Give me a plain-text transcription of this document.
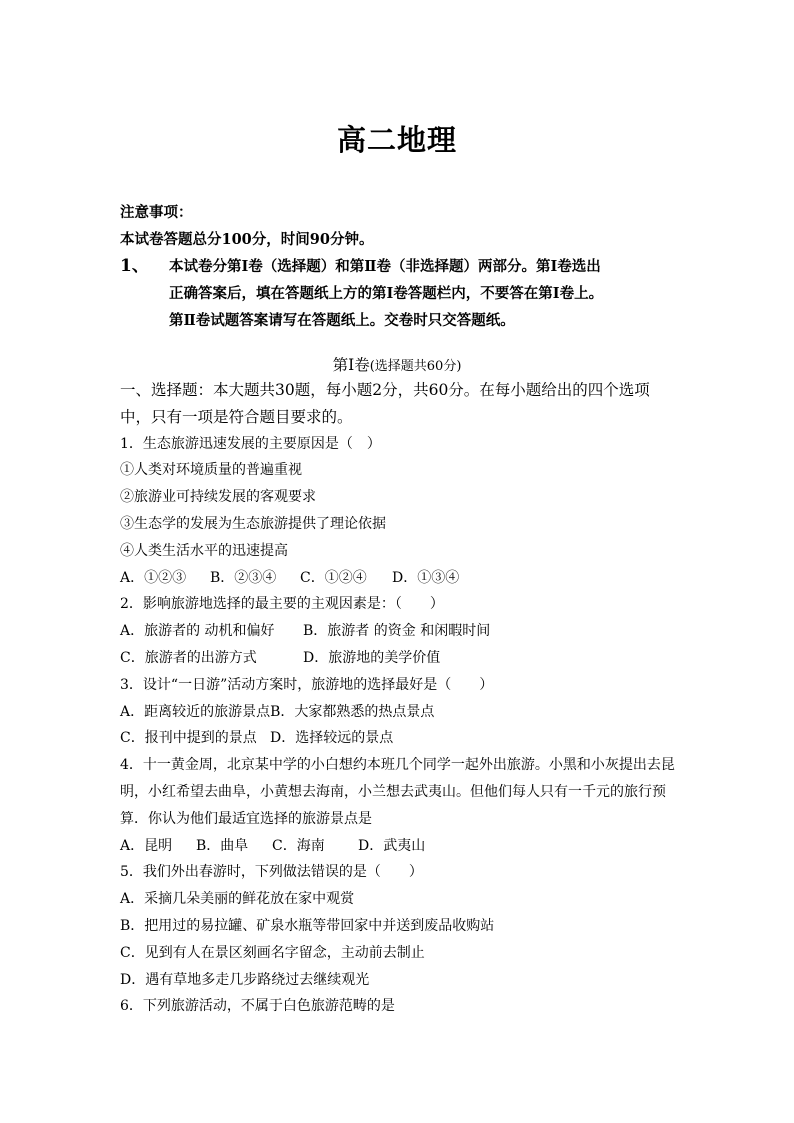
高二地理
注意事项：
本试卷答题总分100分，时间90分钟。
1、 本试卷分第Ⅰ卷（选择题）和第Ⅱ卷（非选择题）两部分。第Ⅰ卷选出
正确答案后，填在答题纸上方的第Ⅰ卷答题栏内，不要答在第Ⅰ卷上。
第Ⅱ卷试题答案请写在答题纸上。交卷时只交答题纸。
第Ⅰ卷(选择题共60分)
一、选择题：本大题共30题，每小题2分，共60分。在每小题给出的四个选项
中，只有一项是符合题目要求的。
1．生态旅游迅速发展的主要原因是（　）
①人类对环境质量的普遍重视
②旅游业可持续发展的客观要求
③生态学的发展为生态旅游提供了理论依据
④人类生活水平的迅速提高
A．①②③ B．②③④ C．①②④ D．①③④
2．影响旅游地选择的最主要的主观因素是：（　　）
A．旅游者的 动机和偏好 B．旅游者 的资金 和闲暇时间
C．旅游者的出游方式	D．旅游地的美学价值
3．设计“一日游”活动方案时，旅游地的选择最好是（　　）
A．距离较近的旅游景点B．大家都熟悉的热点景点
C．报刊中提到的景点 D．选择较远的景点
4．十一黄金周，北京某中学的小白想约本班几个同学一起外出旅游。小黑和小灰提出去昆
明，小红希望去曲阜，小黄想去海南，小兰想去武夷山。但他们每人只有一千元的旅行预
算．你认为他们最适宜选择的旅游景点是
A．昆明 B．曲阜 C．海南 D．武夷山
5．我们外出春游时，下列做法错误的是（　　）
A．采摘几朵美丽的鲜花放在家中观赏
B．把用过的易拉罐、矿泉水瓶等带回家中并送到废品收购站
C．见到有人在景区刻画名字留念，主动前去制止
D．遇有草地多走几步路绕过去继续观光
6．下列旅游活动，不属于白色旅游范畴的是
